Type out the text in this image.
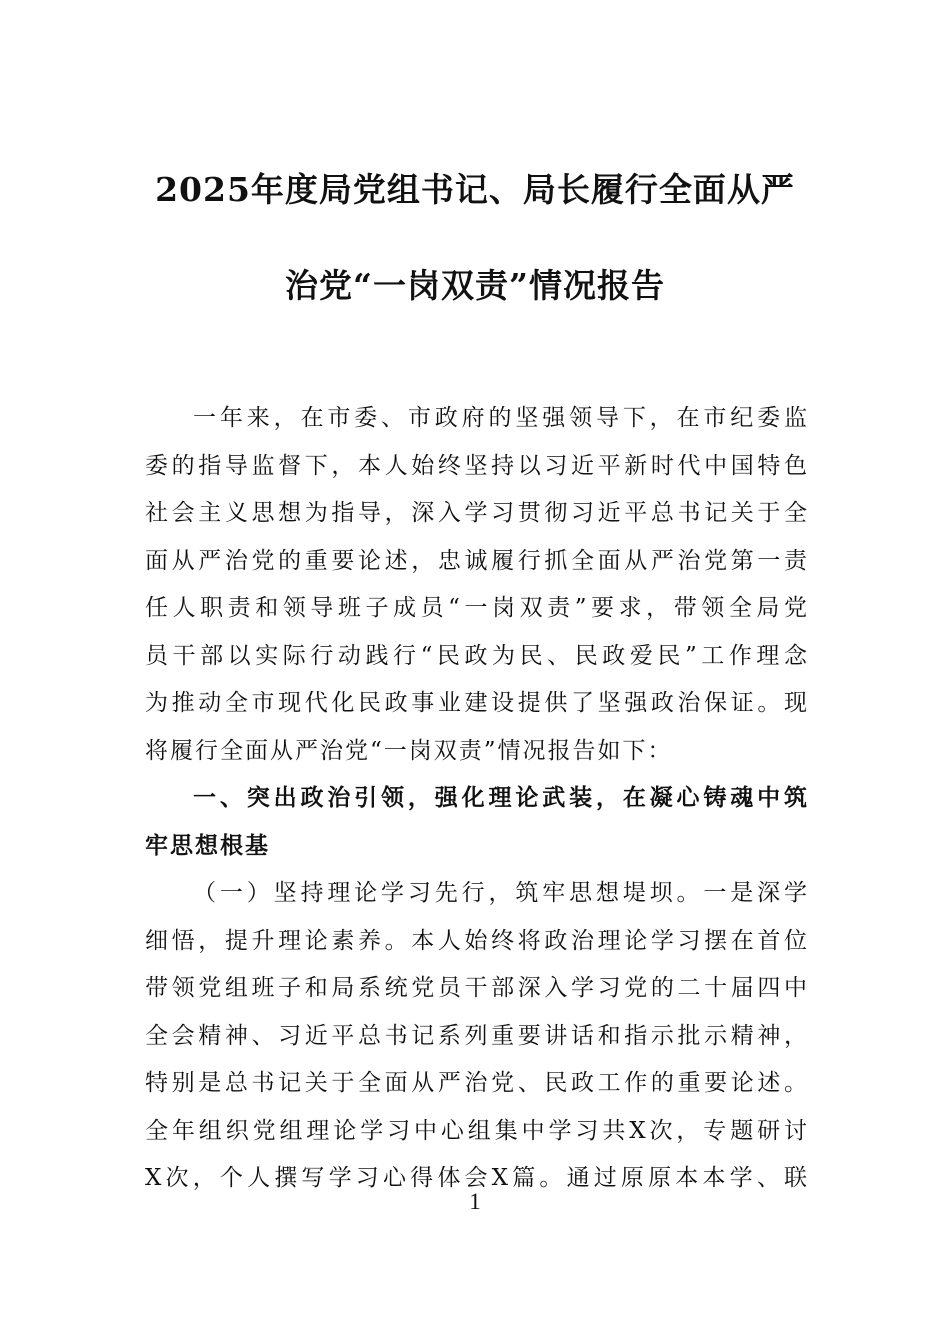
2025年度局党组书记、局长履行全面从严
治党“一岗双责”情况报告
一年来，在市委、市政府的坚强领导下，在市纪委监
委的指导监督下，本人始终坚持以习近平新时代中国特色
社会主义思想为指导，深入学习贯彻习近平总书记关于全
面从严治党的重要论述，忠诚履行抓全面从严治党第一责
任人职责和领导班子成员“一岗双责”要求，带领全局党
员干部以实际行动践行“民政为民、民政爱民”工作理念
为推动全市现代化民政事业建设提供了坚强政治保证。现
将履行全面从严治党“一岗双责”情况报告如下：
一、突出政治引领，强化理论武装，在凝心铸魂中筑
牢思想根基
（一）坚持理论学习先行，筑牢思想堤坝。一是深学
细悟，提升理论素养。本人始终将政治理论学习摆在首位
带领党组班子和局系统党员干部深入学习党的二十届四中
全会精神、习近平总书记系列重要讲话和指示批示精神，
特别是总书记关于全面从严治党、民政工作的重要论述。
全年组织党组理论学习中心组集中学习共X次，专题研讨
X次，个人撰写学习心得体会X篇。通过原原本本学、联
1
